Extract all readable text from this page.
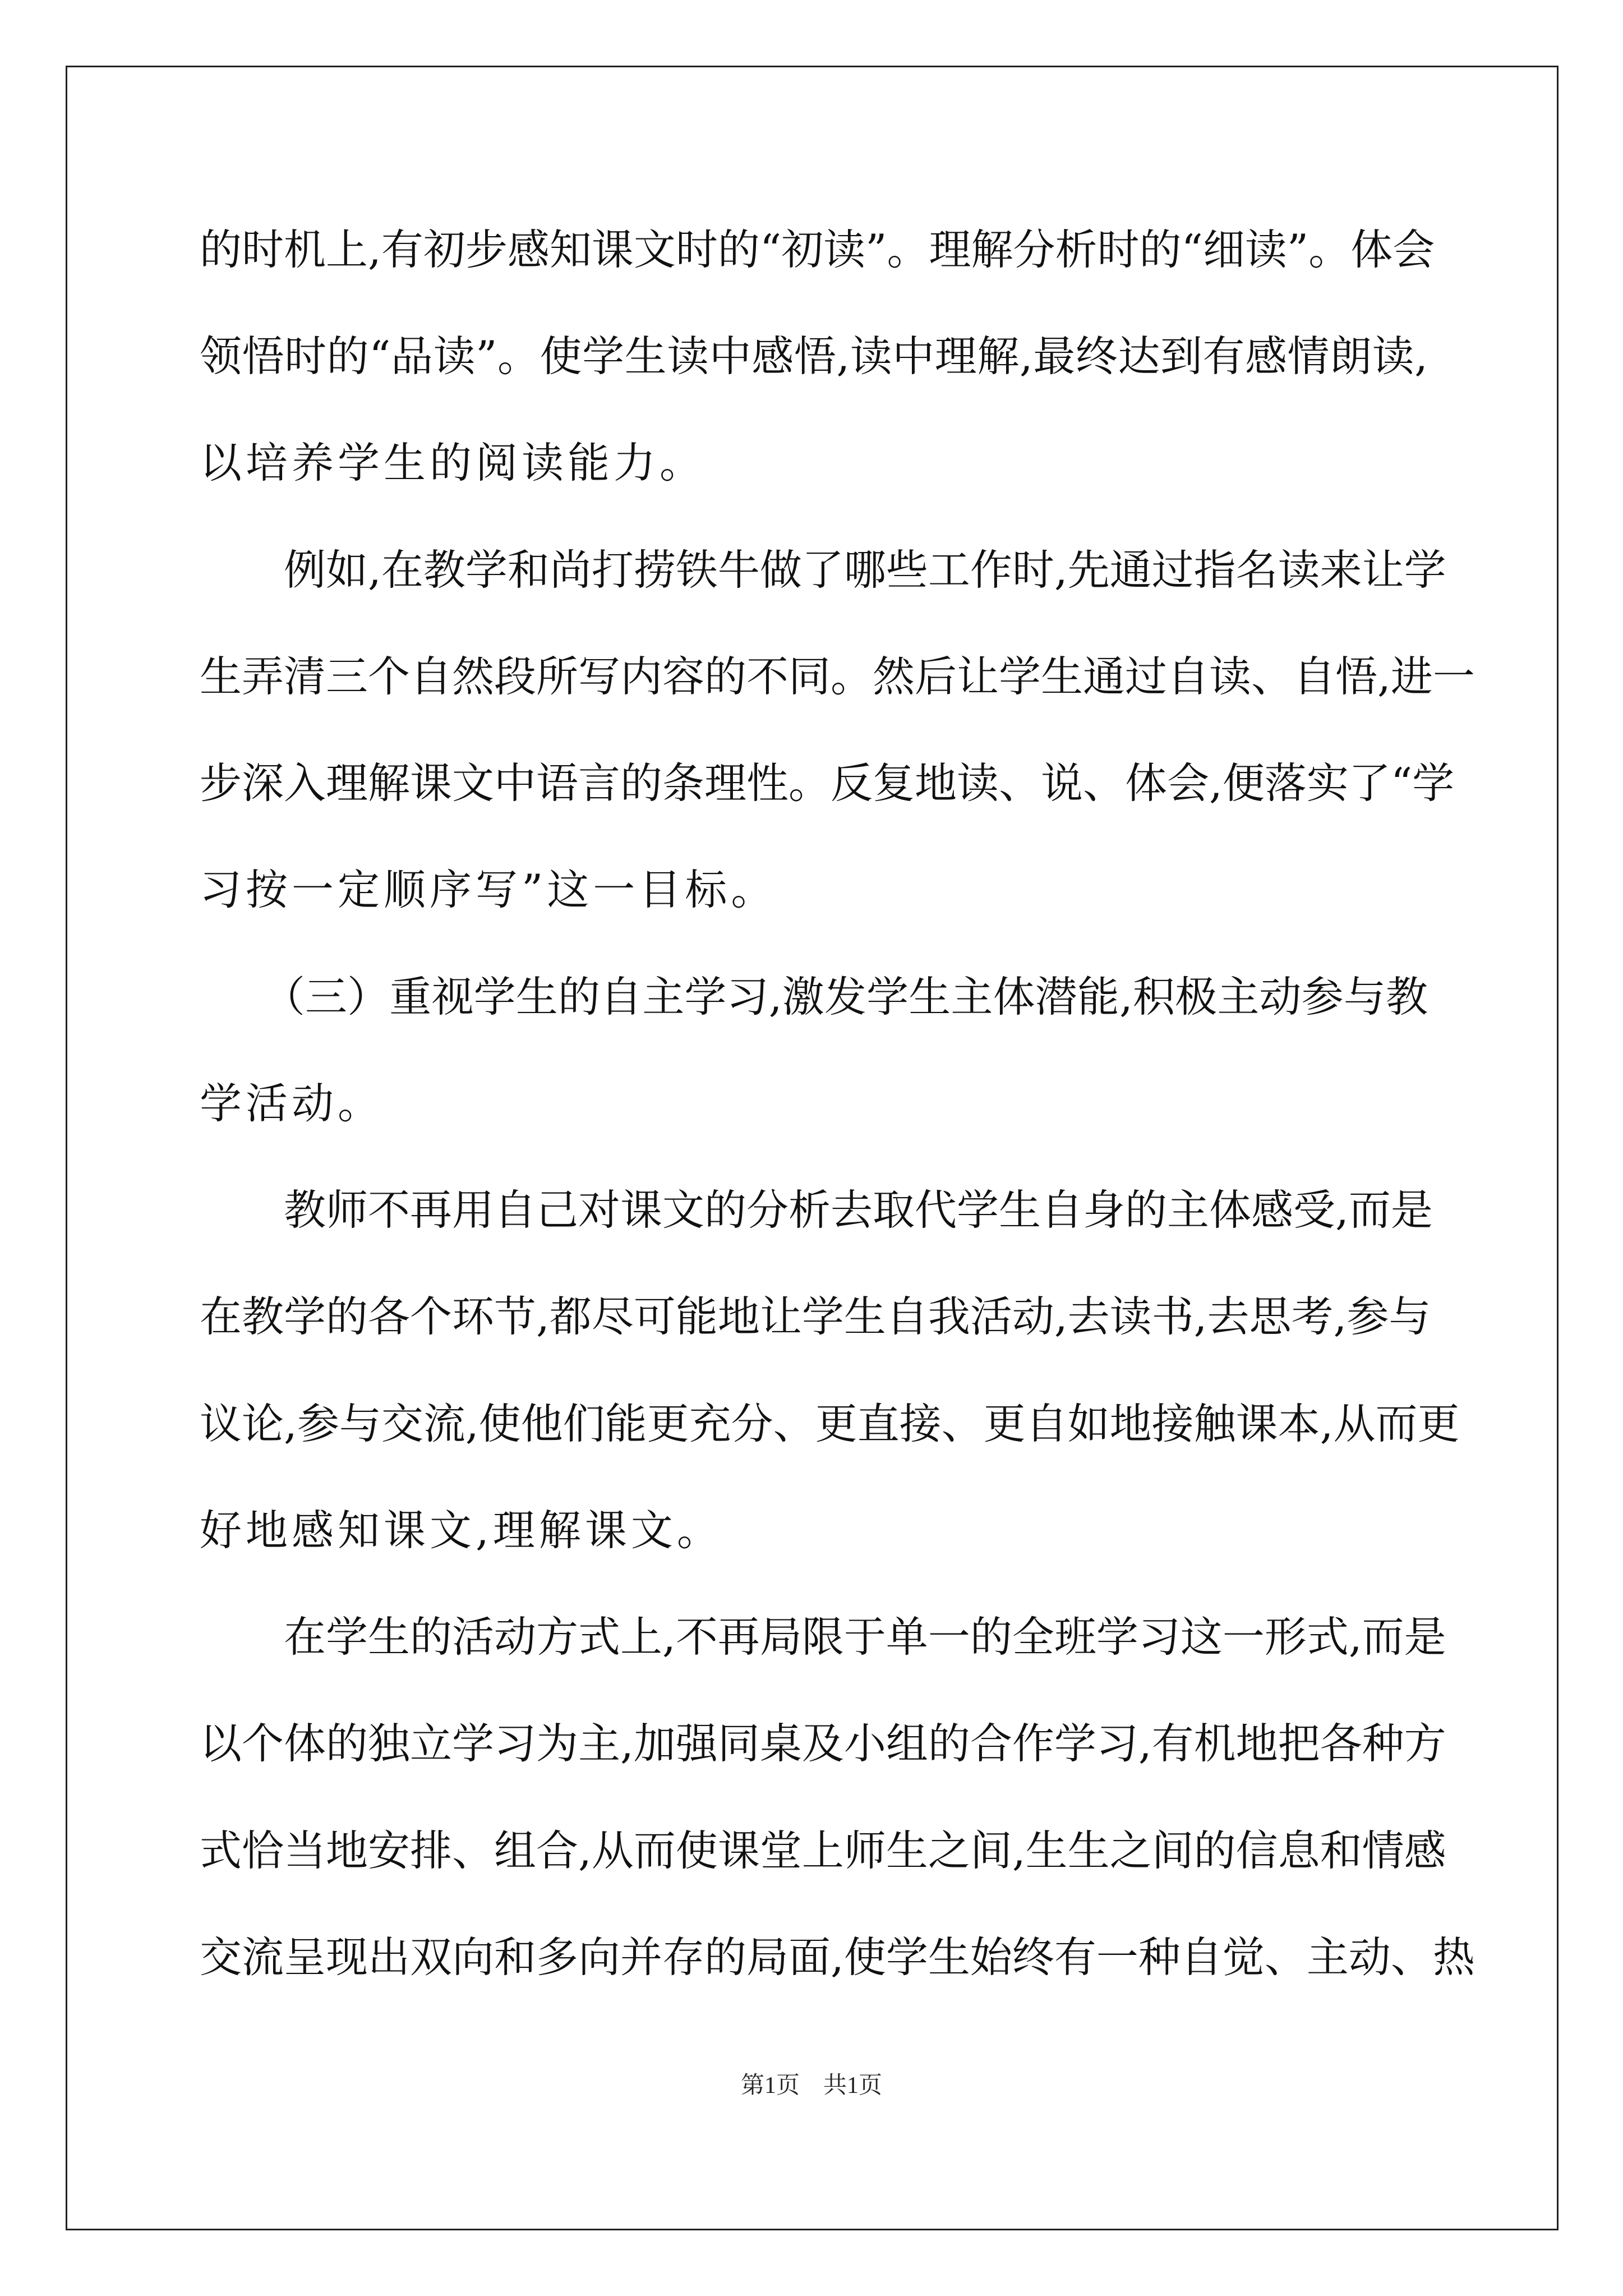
的时机上,有初步感知课文时的“初读”。理解分析时的“细读”。体会
领悟时的“品读”。使学生读中感悟,读中理解,最终达到有感情朗读,
以培养学生的阅读能力。
　　例如,在教学和尚打捞铁牛做了哪些工作时,先通过指名读来让学
生弄清三个自然段所写内容的不同。然后让学生通过自读、自悟,进一
步深入理解课文中语言的条理性。反复地读、说、体会,便落实了“学
习按一定顺序写”这一目标。
　　（三）重视学生的自主学习,激发学生主体潜能,积极主动参与教
学活动。
　　教师不再用自己对课文的分析去取代学生自身的主体感受,而是
在教学的各个环节,都尽可能地让学生自我活动,去读书,去思考,参与
议论,参与交流,使他们能更充分、更直接、更自如地接触课本,从而更
好地感知课文,理解课文。
　　在学生的活动方式上,不再局限于单一的全班学习这一形式,而是
以个体的独立学习为主,加强同桌及小组的合作学习,有机地把各种方
式恰当地安排、组合,从而使课堂上师生之间,生生之间的信息和情感
交流呈现出双向和多向并存的局面,使学生始终有一种自觉、主动、热
第1页 共1页
